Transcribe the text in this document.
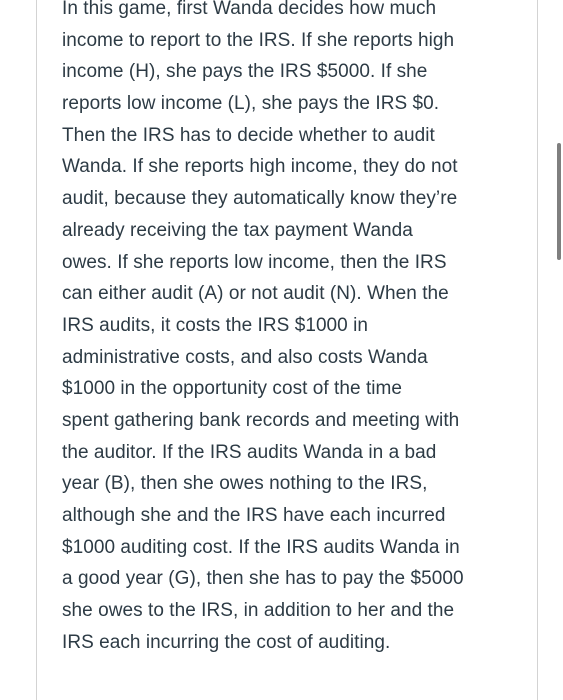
In this game, first Wanda decides how much
income to report to the IRS. If she reports high
income (H), she pays the IRS $5000. If she
reports low income (L), she pays the IRS $0.
Then the IRS has to decide whether to audit
Wanda. If she reports high income, they do not
audit, because they automatically know they’re
already receiving the tax payment Wanda
owes. If she reports low income, then the IRS
can either audit (A) or not audit (N). When the
IRS audits, it costs the IRS $1000 in
administrative costs, and also costs Wanda
$1000 in the opportunity cost of the time
spent gathering bank records and meeting with
the auditor. If the IRS audits Wanda in a bad
year (B), then she owes nothing to the IRS,
although she and the IRS have each incurred
$1000 auditing cost. If the IRS audits Wanda in
a good year (G), then she has to pay the $5000
she owes to the IRS, in addition to her and the
IRS each incurring the cost of auditing.
